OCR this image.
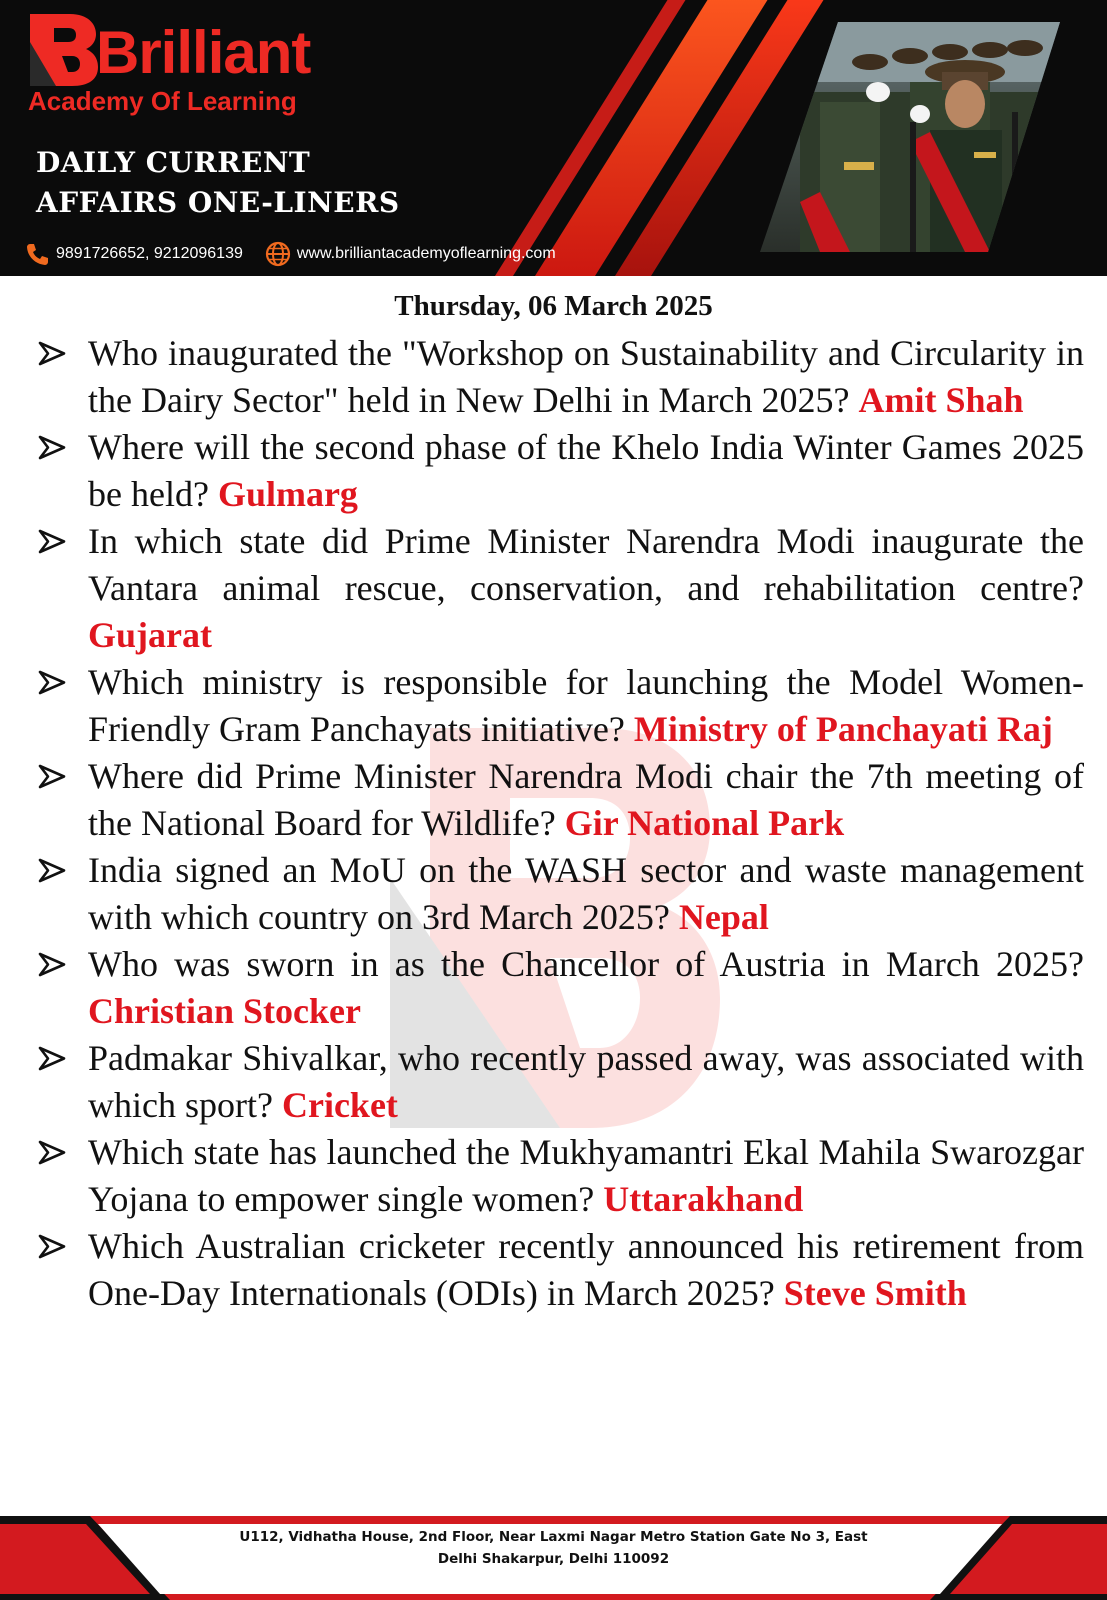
Brilliant
Academy Of Learning
DAILY CURRENT
AFFAIRS ONE-LINERS
9891726652, 9212096139	www.brilliantacademyoflearning.com
Thursday, 06 March 2025
Who inaugurated the "Workshop on Sustainability and Circularity in the Dairy Sector" held in New Delhi in March 2025? Amit Shah
Where will the second phase of the Khelo India Winter Games 2025 be held? Gulmarg
In which state did Prime Minister Narendra Modi inaugurate the Vantara animal rescue, conservation, and rehabilitation centre? Gujarat
Which ministry is responsible for launching the Model Women-Friendly Gram Panchayats initiative? Ministry of Panchayati Raj
Where did Prime Minister Narendra Modi chair the 7th meeting of the National Board for Wildlife? Gir National Park
India signed an MoU on the WASH sector and waste management with which country on 3rd March 2025? Nepal
Who was sworn in as the Chancellor of Austria in March 2025? Christian Stocker
Padmakar Shivalkar, who recently passed away, was associated with which sport? Cricket
Which state has launched the Mukhyamantri Ekal Mahila Swarozgar Yojana to empower single women? Uttarakhand
Which Australian cricketer recently announced his retirement from One-Day Internationals (ODIs) in March 2025? Steve Smith
U112, Vidhatha House, 2nd Floor, Near Laxmi Nagar Metro Station Gate No 3, East
Delhi Shakarpur, Delhi 110092
